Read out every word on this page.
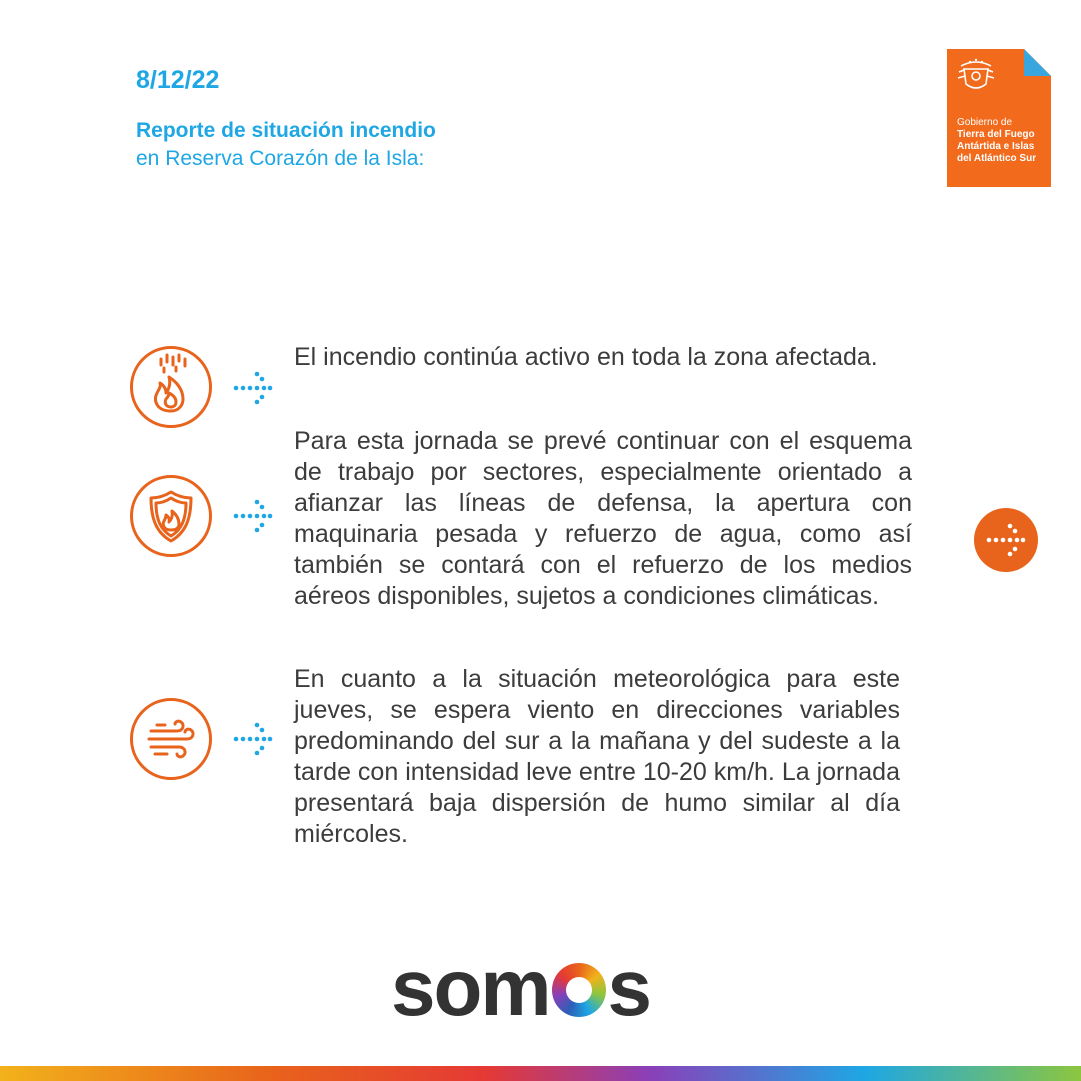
8/12/22
Reporte de situación incendio
en Reserva Corazón de la Isla:
Gobierno de
Tierra del Fuego
Antártida e Islas
del Atlántico Sur

El incendio continúa activo en toda la zona afectada.

Para esta jornada se prevé continuar con el esquema de trabajo por sectores, especialmente orientado a afianzar las líneas de defensa, la apertura con maquinaria pesada y refuerzo de agua, como así también se contará con el refuerzo de los medios aéreos disponibles, sujetos a condiciones climáticas.

En cuanto a la situación meteorológica para este jueves, se espera viento en direcciones variables predominando del sur a la mañana y del sudeste a la tarde con intensidad leve entre 10-20 km/h. La jornada presentará baja dispersión de humo similar al día miércoles.

som s
